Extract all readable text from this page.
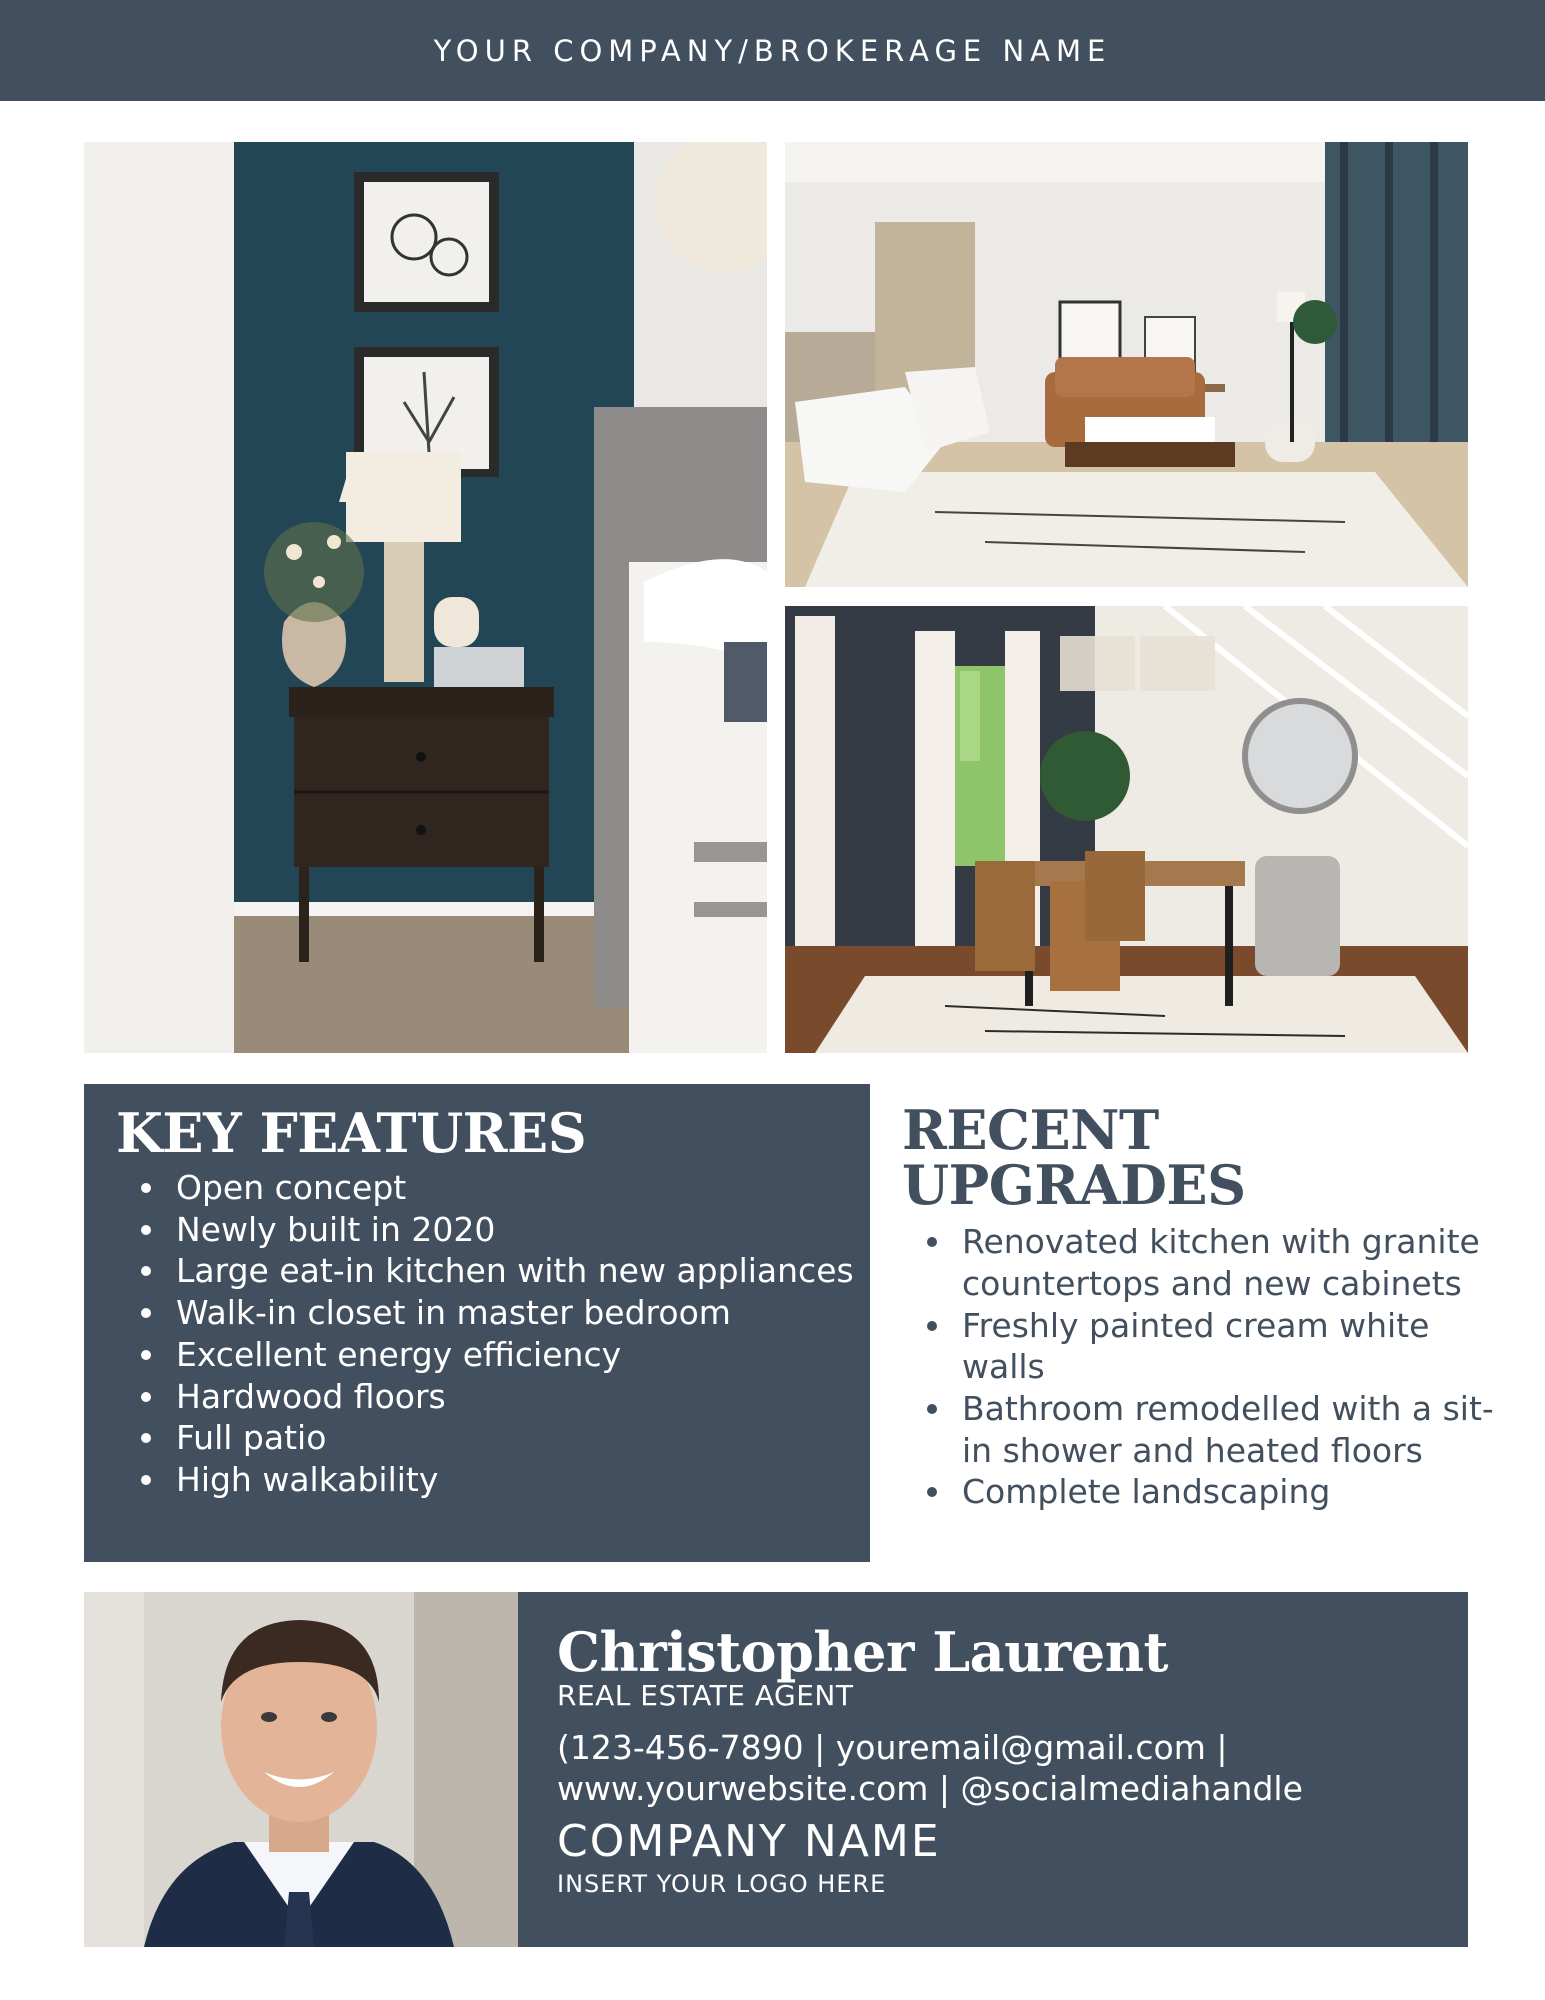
YOUR COMPANY/BROKERAGE NAME
KEY FEATURES
Open concept
Newly built in 2020
Large eat-in kitchen with new appliances
Walk-in closet in master bedroom
Excellent energy efficiency
Hardwood floors
Full patio
High walkability
RECENT UPGRADES
Renovated kitchen with granite countertops and new cabinets
Freshly painted cream white walls
Bathroom remodelled with a sit-in shower and heated floors
Complete landscaping
Christopher Laurent
REAL ESTATE AGENT
(123-456-7890 | youremail@gmail.com | www.yourwebsite.com | @socialmediahandle
COMPANY NAME
INSERT YOUR LOGO HERE
